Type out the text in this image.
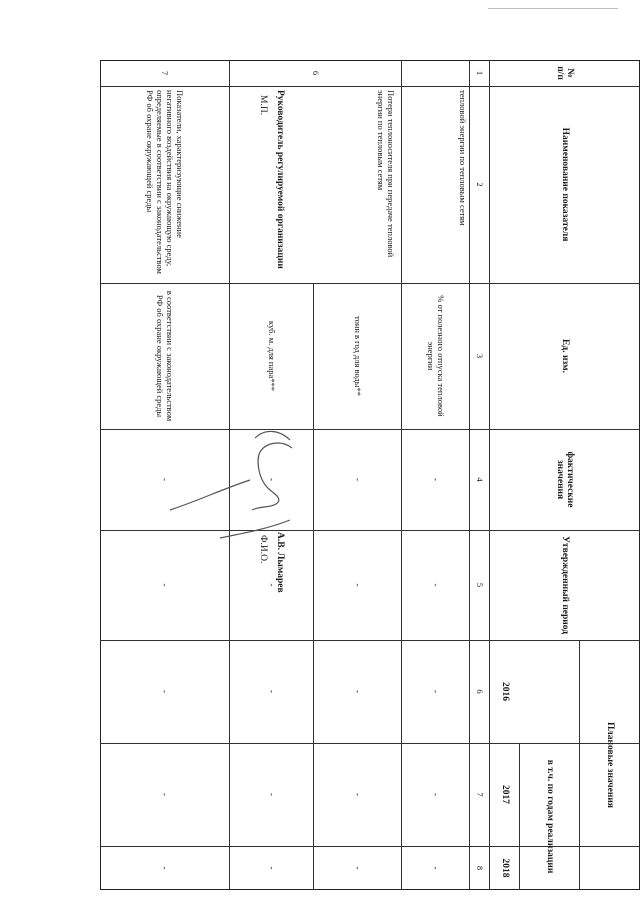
№ п/п
Наименование показателя
Ед. изм.
фактические значения
Утвержденный период
Плановые значения
в т.ч. по годам реализации
2016
2017
2018
1
2
3
4
5
6
7
8
тепловой энергии по тепловым сетям
% от полезного отпуска тепловой энергии
-
-
-
-
-
6
Потери теплоносителя при передаче тепловой энергии по тепловым сетям
тонн в год для воды**
куб. м. для пара***
-
-
-
-
-
-
-
-
-
-
7
Показатели, характеризующие снижение негативного воздействия на окружающую среду, определяемые в соответствии с законодательством РФ об охране окружающей среды
в соответствии с законодательством РФ об охране окружающей среды
-
-
-
-
-
Руководитель регулируемой организации
М.П.
А.В. Лымарев
Ф.И.О.
